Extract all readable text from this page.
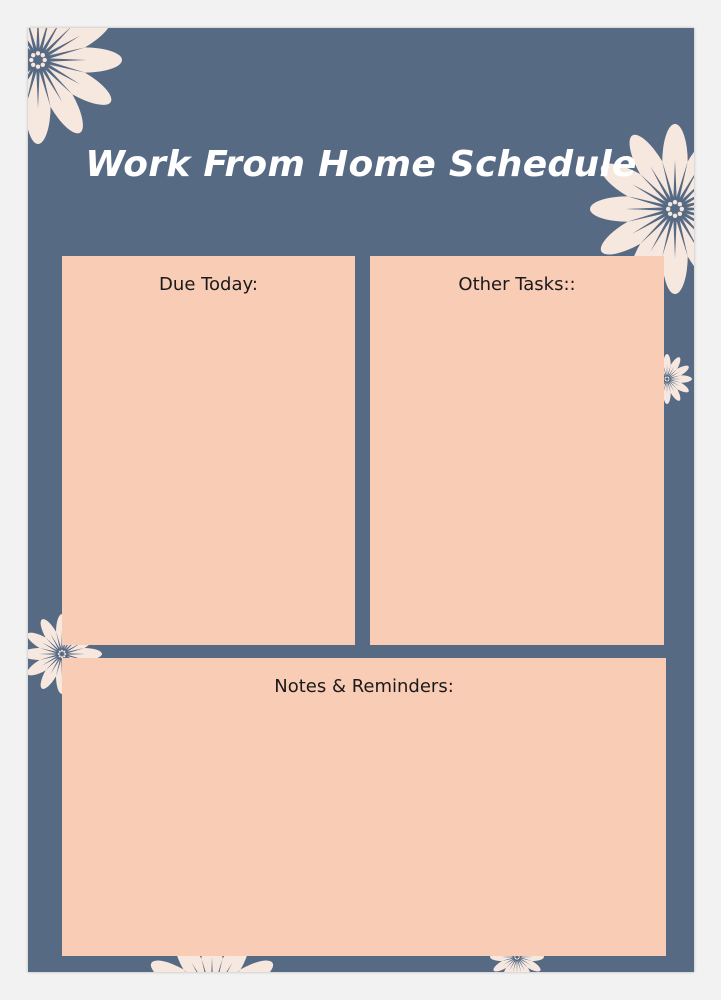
Work From Home Schedule
Due Today:	Other Tasks::
Notes & Reminders:
